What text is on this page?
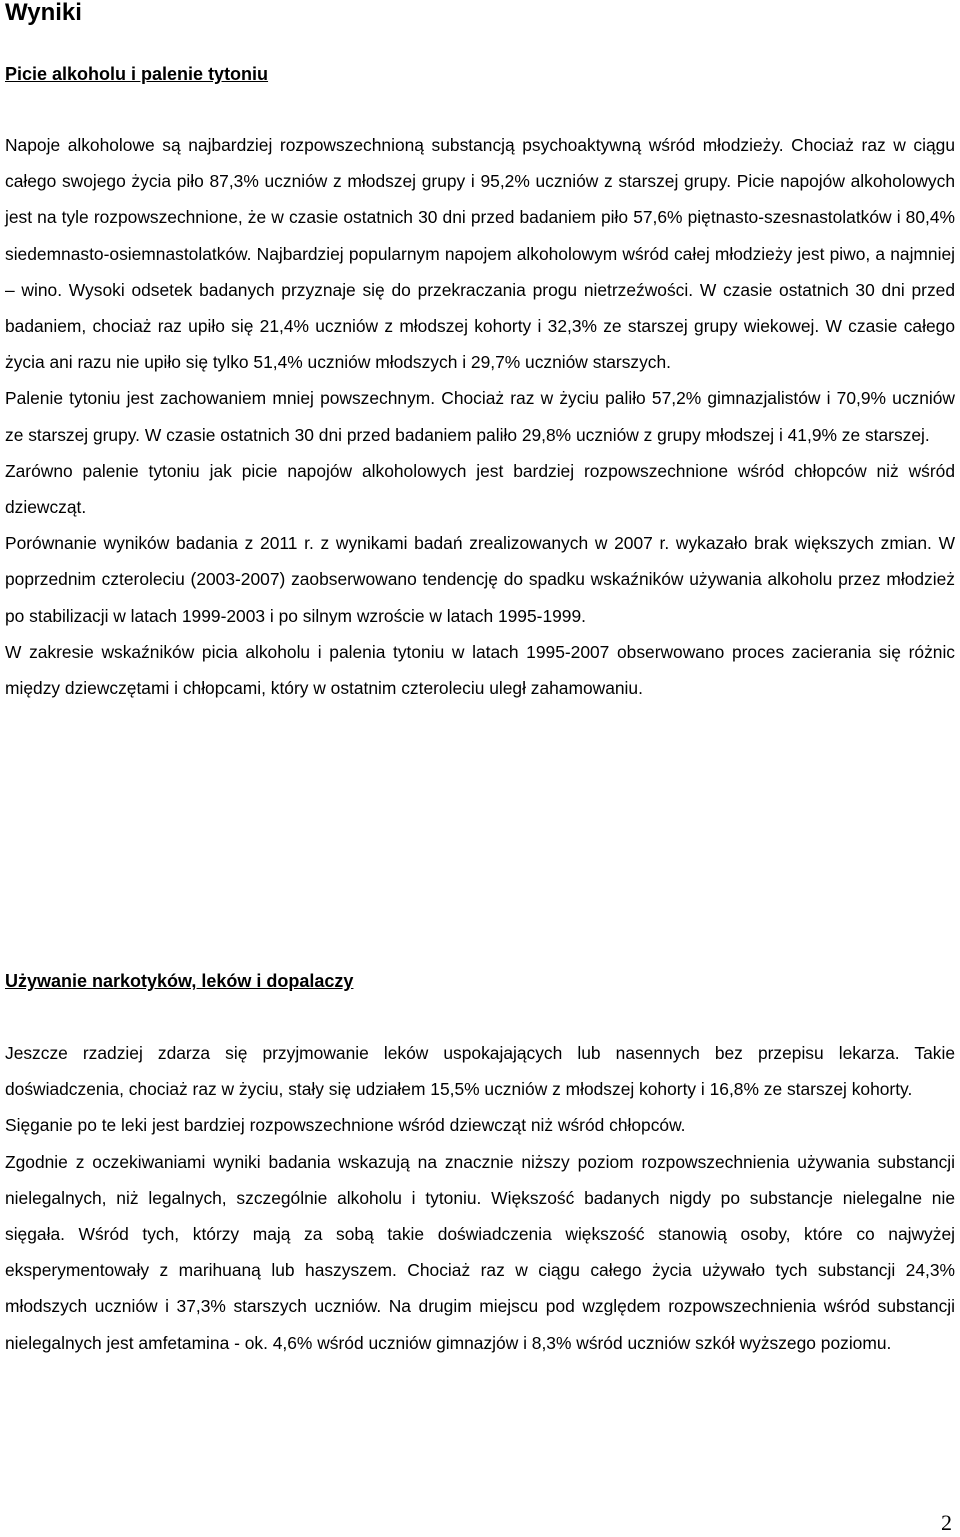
Wyniki
Picie alkoholu i palenie tytoniu

Napoje alkoholowe są najbardziej rozpowszechnioną substancją psychoaktywną wśród młodzieży. Chociaż raz w ciągu całego swojego życia piło 87,3% uczniów z młodszej grupy i 95,2% uczniów z starszej grupy. Picie napojów alkoholowych jest na tyle rozpowszechnione, że w czasie ostatnich 30 dni przed badaniem piło 57,6% piętnasto-szesnastolatków i 80,4% siedemnasto-osiemnastolatków. Najbardziej popularnym napojem alkoholowym wśród całej młodzieży jest piwo, a najmniej – wino. Wysoki odsetek badanych przyznaje się do przekraczania progu nietrzeźwości. W czasie ostatnich 30 dni przed badaniem, chociaż raz upiło się 21,4% uczniów z młodszej kohorty i 32,3% ze starszej grupy wiekowej. W czasie całego życia ani razu nie upiło się tylko 51,4% uczniów młodszych i 29,7% uczniów starszych.

Palenie tytoniu jest zachowaniem mniej powszechnym. Chociaż raz w życiu paliło 57,2% gimnazjalistów i 70,9% uczniów ze starszej grupy. W czasie ostatnich 30 dni przed badaniem paliło 29,8% uczniów z grupy młodszej i 41,9% ze starszej.

Zarówno palenie tytoniu jak picie napojów alkoholowych jest bardziej rozpowszechnione wśród chłopców niż wśród dziewcząt.

Porównanie wyników badania z 2011 r. z wynikami badań zrealizowanych w 2007 r. wykazało brak większych zmian. W poprzednim czteroleciu (2003-2007) zaobserwowano tendencję do spadku wskaźników używania alkoholu przez młodzież po stabilizacji w latach 1999-2003 i po silnym wzroście w latach 1995-1999.

W zakresie wskaźników picia alkoholu i palenia tytoniu w latach 1995-2007 obserwowano proces zacierania się różnic między dziewczętami i chłopcami, który w ostatnim czteroleciu uległ zahamowaniu.

Używanie narkotyków, leków i dopalaczy

Jeszcze rzadziej zdarza się przyjmowanie leków uspokajających lub nasennych bez przepisu lekarza. Takie doświadczenia, chociaż raz w życiu, stały się udziałem 15,5% uczniów z młodszej kohorty i 16,8% ze starszej kohorty.

Sięganie po te leki jest bardziej rozpowszechnione wśród dziewcząt niż wśród chłopców.

Zgodnie z oczekiwaniami wyniki badania wskazują na znacznie niższy poziom rozpowszechnienia używania substancji nielegalnych, niż legalnych, szczególnie alkoholu i tytoniu. Większość badanych nigdy po substancje nielegalne nie sięgała. Wśród tych, którzy mają za sobą takie doświadczenia większość stanowią osoby, które co najwyżej eksperymentowały z marihuaną lub haszyszem. Chociaż raz w ciągu całego życia używało tych substancji 24,3% młodszych uczniów i 37,3% starszych uczniów. Na drugim miejscu pod względem rozpowszechnienia wśród substancji nielegalnych jest amfetamina - ok. 4,6% wśród uczniów gimnazjów i 8,3% wśród uczniów szkół wyższego poziomu.

2
